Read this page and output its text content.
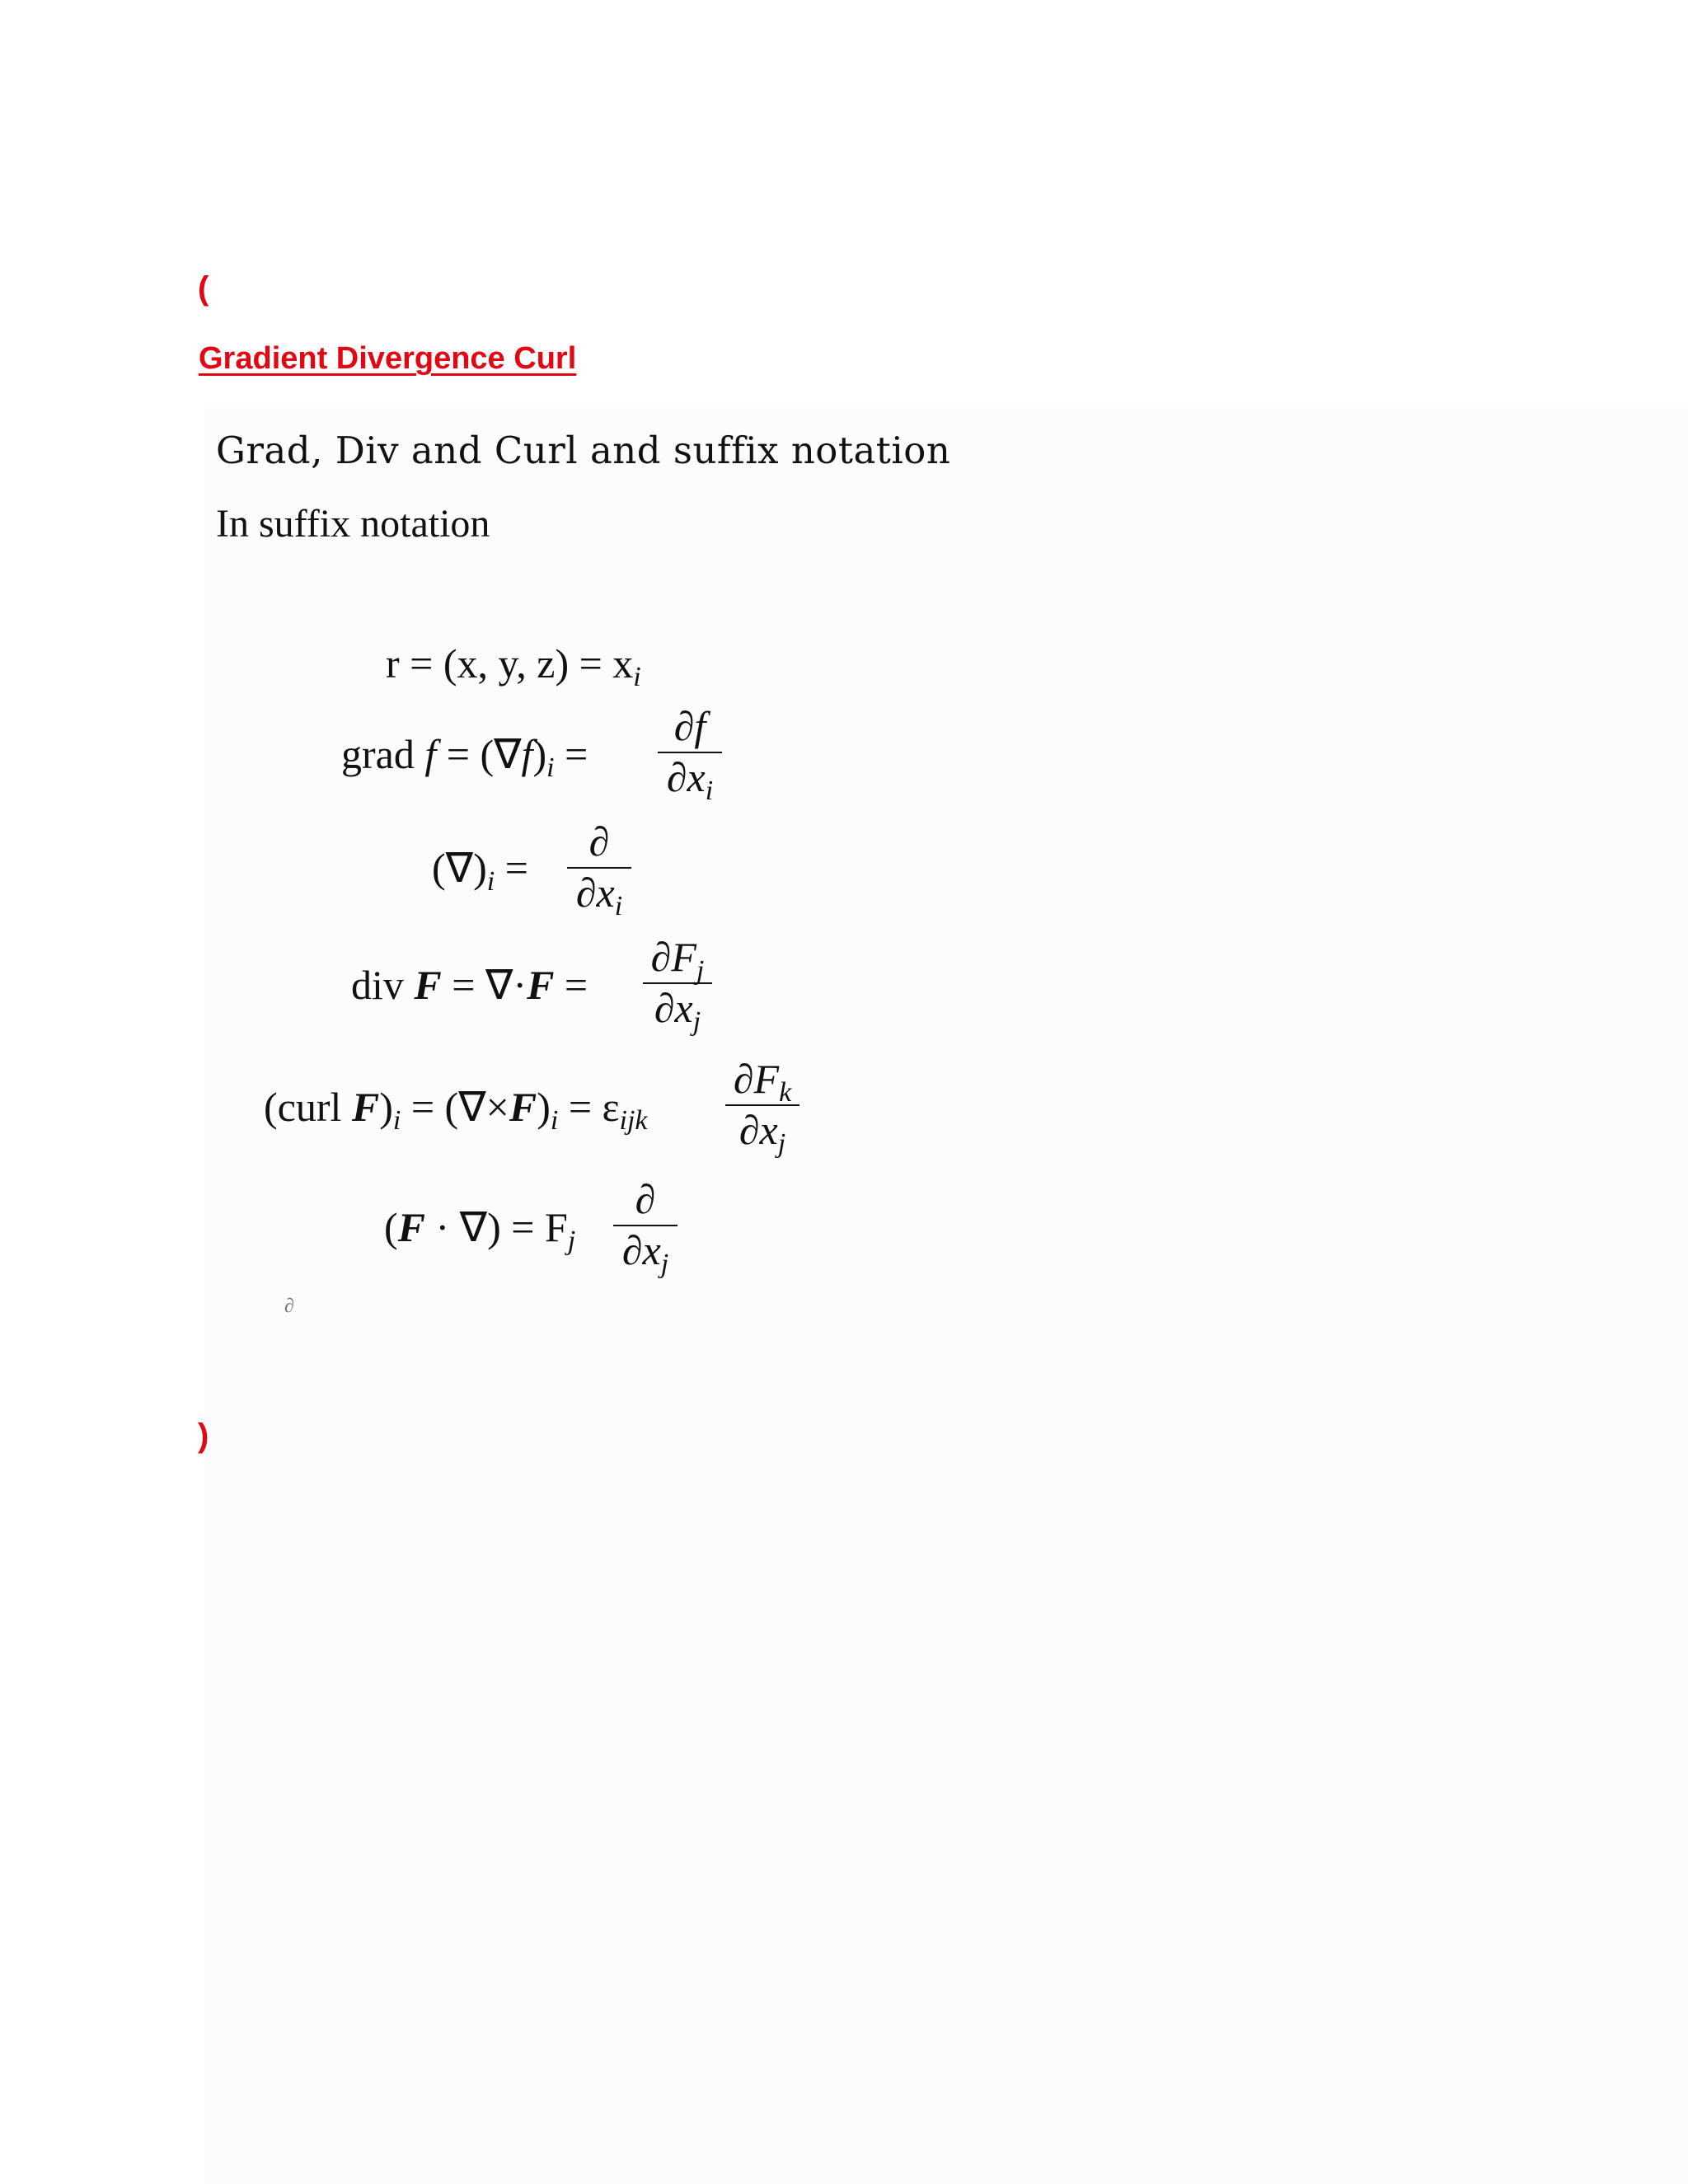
(
Gradient Divergence Curl
Grad, Div and Curl and suffix notation
In suffix notation
r = (x, y, $z) = x_i$
grad $f = (\nabla f)_i$ =
∂f
$\partial x_i$
$(\nabla)_i$ =
∂
$\partial x_i$
div F = ∇·F =
$\partial F_j$
$\partial x_j$
(curl $F)_i = (\nabla\times F)_i = \varepsilon_{ijk}$
$\partial F_k$
$\partial x_j$
(F · ∇) = $F_j$
∂
$\partial x_j$
∂
)
